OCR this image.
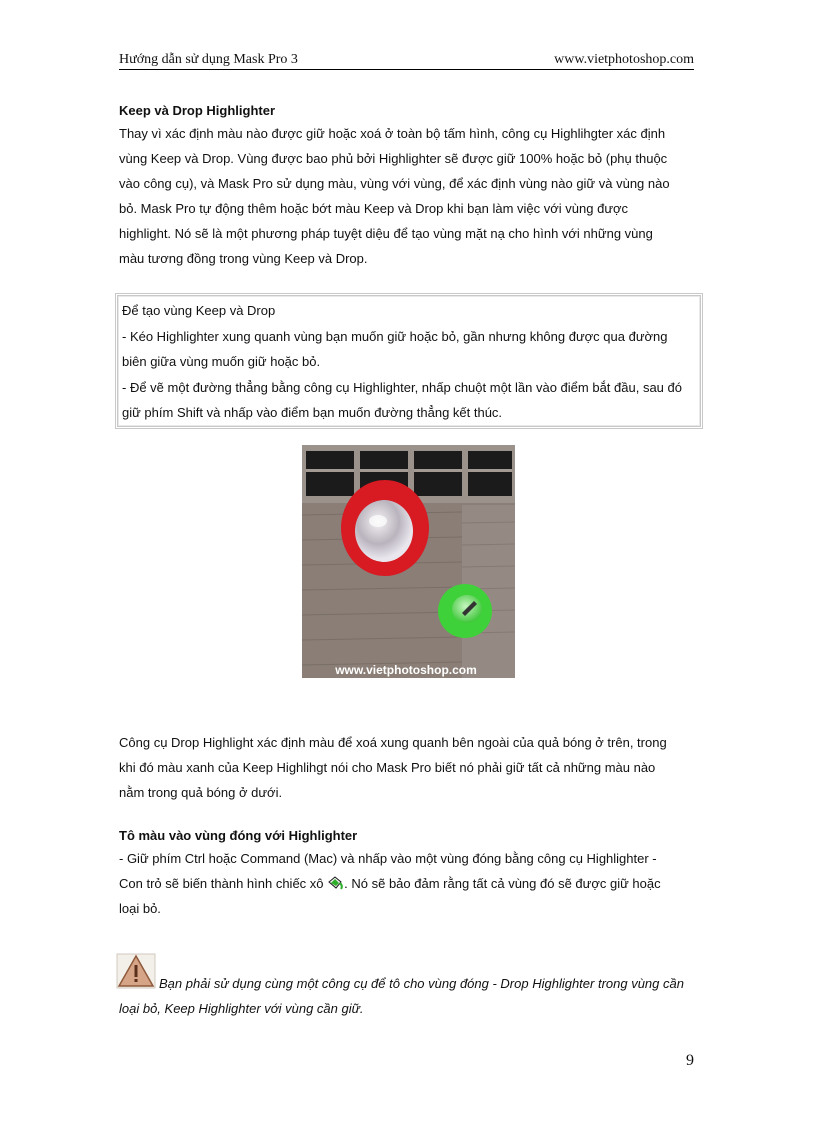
Hướng dẫn sử dụng Mask Pro 3	www.vietphotoshop.com
Keep và Drop Highlighter
Thay vì xác định màu nào được giữ hoặc xoá ở toàn bộ tấm hình, công cụ Highlihgter xác định
vùng Keep và Drop. Vùng được bao phủ bởi Highlighter sẽ được giữ 100% hoặc bỏ (phụ thuộc
vào công cụ), và Mask Pro sử dụng màu, vùng với vùng, để xác định vùng nào giữ và vùng nào
bỏ. Mask Pro tự động thêm hoặc bớt màu Keep và Drop khi bạn làm việc với vùng được
highlight. Nó sẽ là một phương pháp tuyệt diệu để tạo vùng mặt nạ cho hình với những vùng
màu tương đồng trong vùng Keep và Drop.
Để tạo vùng Keep và Drop
- Kéo Highlighter xung quanh vùng bạn muốn giữ hoặc bỏ, gần nhưng không được qua đường
biên giữa vùng muốn giữ hoặc bỏ.
- Để vẽ một đường thẳng bằng công cụ Highlighter, nhấp chuột một lần vào điểm bắt đầu, sau đó
giữ phím Shift và nhấp vào điểm bạn muốn đường thẳng kết thúc.
www.vietphotoshop.com
Công cụ Drop Highlight xác định màu để xoá xung quanh bên ngoài của quả bóng ở trên, trong
khi đó màu xanh của Keep Highlihgt nói cho Mask Pro biết nó phải giữ tất cả những màu nào
nằm trong quả bóng ở dưới.
Tô màu vào vùng đóng với Highlighter
- Giữ phím Ctrl hoặc Command (Mac) và nhấp vào một vùng đóng bằng công cụ Highlighter -
Con trỏ sẽ biến thành hình chiếc xô . Nó sẽ bảo đảm rằng tất cả vùng đó sẽ được giữ hoặc
loại bỏ.
Bạn phải sử dụng cùng một công cụ để tô cho vùng đóng - Drop Highlighter trong vùng cần
loại bỏ, Keep Highlighter với vùng cần giữ.
9
